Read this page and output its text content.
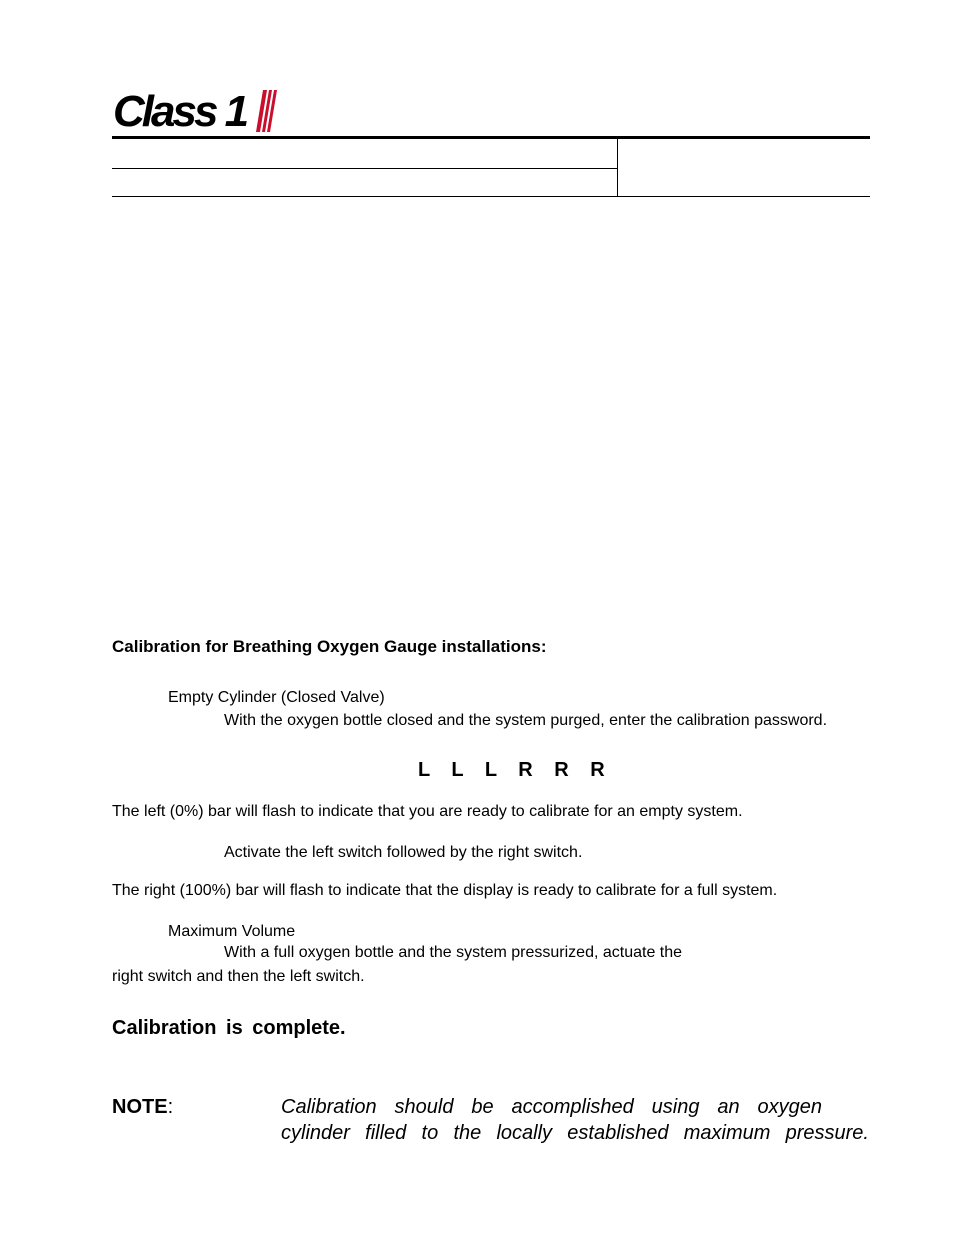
Class 1
Calibration for Breathing Oxygen Gauge installations:
Empty Cylinder (Closed Valve)
With the oxygen bottle closed and the system purged, enter the calibration password.
L L L R R R
The left (0%) bar will flash to indicate that you are ready to calibrate for an empty system.
Activate the left switch followed by the right switch.
The right (100%) bar will flash to indicate that the display is ready to calibrate for a full system.
Maximum Volume
With a full oxygen bottle and the system pressurized, actuate the
right switch and then the left switch.
Calibration is complete.
NOTE:	Calibration should be accomplished using an oxygen
cylinder filled to the locally established maximum pressure.
